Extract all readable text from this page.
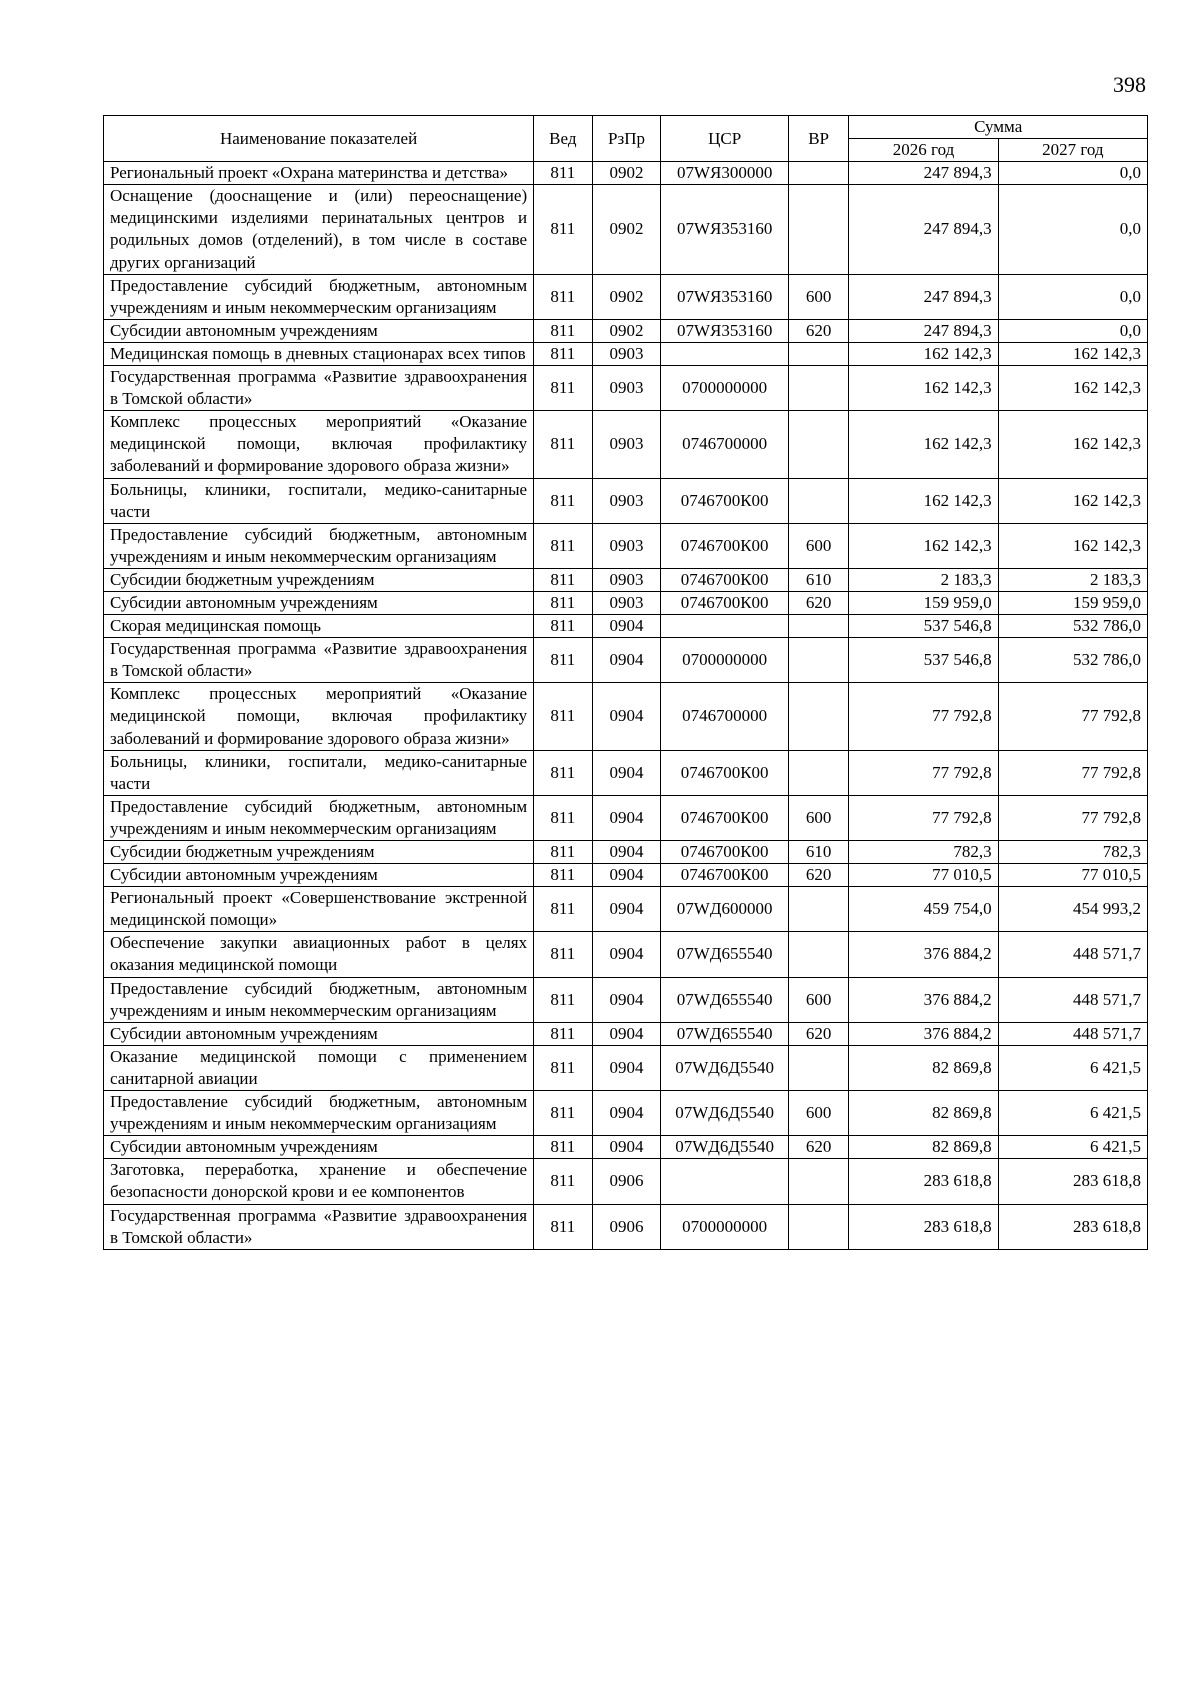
398
Наименование показателей	Вед	РзПр	ЦСР	ВР	Сумма	
					2026 год	2027 год
Региональный проект «Охрана материнства и детства»	811	0902	07WЯ300000		247 894,3	0,0
Оснащение (дооснащение и (или) переоснащение) медицинскими изделиями перинатальных центров и родильных домов (отделений), в том числе в составе других организаций	811	0902	07WЯ353160		247 894,3	0,0
Предоставление субсидий бюджетным, автономным учреждениям и иным некоммерческим организациям	811	0902	07WЯ353160	600	247 894,3	0,0
Субсидии автономным учреждениям	811	0902	07WЯ353160	620	247 894,3	0,0
Медицинская помощь в дневных стационарах всех типов	811	0903			162 142,3	162 142,3
Государственная программа «Развитие здравоохранения в Томской области»	811	0903	0700000000		162 142,3	162 142,3
Комплекс процессных мероприятий «Оказание медицинской помощи, включая профилактику заболеваний и формирование здорового образа жизни»	811	0903	0746700000		162 142,3	162 142,3
Больницы, клиники, госпитали, медико-санитарные части	811	0903	0746700К00		162 142,3	162 142,3
Предоставление субсидий бюджетным, автономным учреждениям и иным некоммерческим организациям	811	0903	0746700К00	600	162 142,3	162 142,3
Субсидии бюджетным учреждениям	811	0903	0746700К00	610	2 183,3	2 183,3
Субсидии автономным учреждениям	811	0903	0746700К00	620	159 959,0	159 959,0
Скорая медицинская помощь	811	0904			537 546,8	532 786,0
Государственная программа «Развитие здравоохранения в Томской области»	811	0904	0700000000		537 546,8	532 786,0
Комплекс процессных мероприятий «Оказание медицинской помощи, включая профилактику заболеваний и формирование здорового образа жизни»	811	0904	0746700000		77 792,8	77 792,8
Больницы, клиники, госпитали, медико-санитарные части	811	0904	0746700К00		77 792,8	77 792,8
Предоставление субсидий бюджетным, автономным учреждениям и иным некоммерческим организациям	811	0904	0746700К00	600	77 792,8	77 792,8
Субсидии бюджетным учреждениям	811	0904	0746700К00	610	782,3	782,3
Субсидии автономным учреждениям	811	0904	0746700К00	620	77 010,5	77 010,5
Региональный проект «Совершенствование экстренной медицинской помощи»	811	0904	07WД600000		459 754,0	454 993,2
Обеспечение закупки авиационных работ в целях оказания медицинской помощи	811	0904	07WД655540		376 884,2	448 571,7
Предоставление субсидий бюджетным, автономным учреждениям и иным некоммерческим организациям	811	0904	07WД655540	600	376 884,2	448 571,7
Субсидии автономным учреждениям	811	0904	07WД655540	620	376 884,2	448 571,7
Оказание медицинской помощи с применением санитарной авиации	811	0904	07WД6Д5540		82 869,8	6 421,5
Предоставление субсидий бюджетным, автономным учреждениям и иным некоммерческим организациям	811	0904	07WД6Д5540	600	82 869,8	6 421,5
Субсидии автономным учреждениям	811	0904	07WД6Д5540	620	82 869,8	6 421,5
Заготовка, переработка, хранение и обеспечение безопасности донорской крови и ее компонентов	811	0906			283 618,8	283 618,8
Государственная программа «Развитие здравоохранения в Томской области»	811	0906	0700000000		283 618,8	283 618,8
